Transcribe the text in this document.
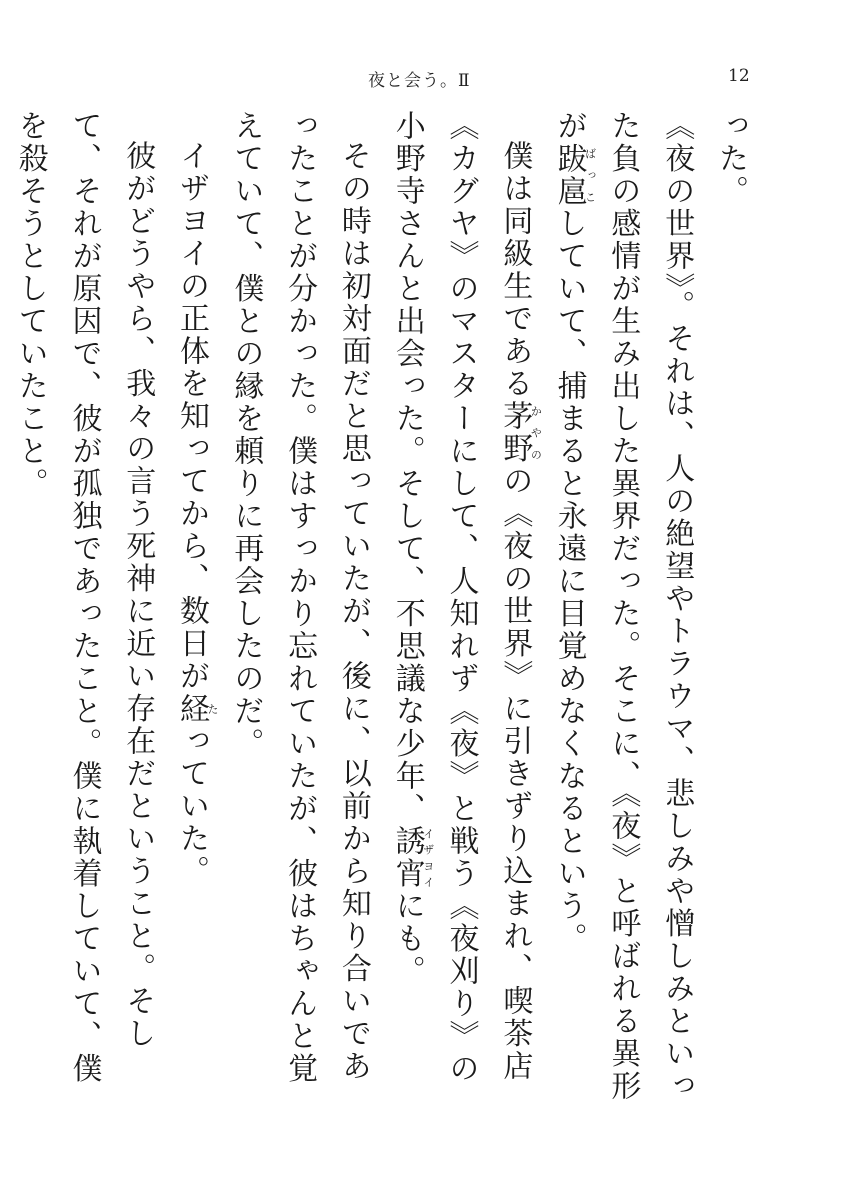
夜と会う。Ⅱ	12

った。

《夜の世界》。それは、人の絶望やトラウマ、悲しみや憎しみといった負の感情が生み出した異界だった。そこに、《夜》と呼ばれる異形が跋扈ばっこしていて、捕まると永遠に目覚めなくなるという。

僕は同級生である茅野かやのの《夜の世界》に引きずり込まれ、喫茶店《カグヤ》のマスターにして、人知れず《夜》と戦う《夜刈り》の小野寺さんと出会った。そして、不思議な少年、誘宵イザヨイにも。

その時は初対面だと思っていたが、後に、以前から知り合いであったことが分かった。僕はすっかり忘れていたが、彼はちゃんと覚えていて、僕との縁を頼りに再会したのだ。

イザヨイの正体を知ってから、数日が経たっていた。

彼がどうやら、我々の言う死神に近い存在だということ。そして、それが原因で、彼が孤独であったこと。僕に執着していて、僕を殺そうとしていたこと。
